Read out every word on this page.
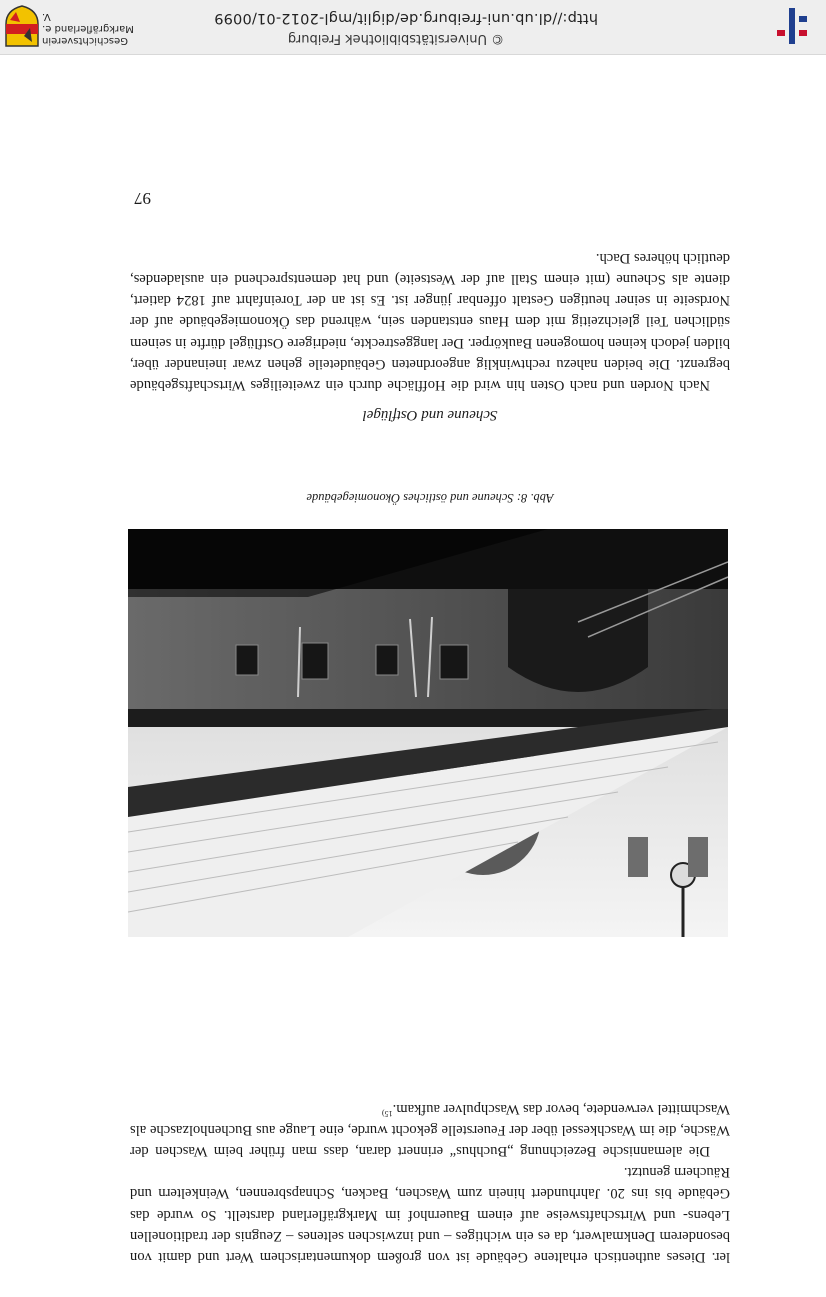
ler. Dieses authentisch erhaltene Gebäude ist von großem dokumentarischem Wert und damit von besonderem Denkmalwert, da es ein wichtiges – und inzwischen seltenes – Zeugnis der traditionellen Lebens- und Wirtschaftsweise auf einem Bauernhof im Markgräflerland darstellt. So wurde das Gebäude bis ins 20. Jahrhundert hinein zum Waschen, Backen, Schnapsbrennen, Weinkeltern und Räuchern genutzt.

Die alemannische Bezeichnung „Buchhus“ erinnert daran, dass man früher beim Waschen der Wäsche, die im Waschkessel über der Feuerstelle gekocht wurde, eine Lauge aus Buchenholzasche als Waschmittel verwendete, bevor das Waschpulver aufkam.$^{15)}$

Abb. 8: Scheune und östliches Ökonomiegebäude
Scheune und Ostflügel

Nach Norden und nach Osten hin wird die Hoffläche durch ein zweiteiliges Wirtschaftsgebäude begrenzt. Die beiden nahezu rechtwinklig angeordneten Gebäudeteile gehen zwar ineinander über, bilden jedoch keinen homogenen Baukörper. Der langgestreckte, niedrigere Ostflügel dürfte in seinem südlichen Teil gleichzeitig mit dem Haus entstanden sein, während das Ökonomiegebäude auf der Nordseite in seiner heutigen Gestalt offenbar jünger ist. Es ist an der Toreinfahrt auf 1824 datiert, diente als Scheune (mit einem Stall auf der Westseite) und hat dementsprechend ein ausladendes, deutlich höheres Dach.

97
© Universitätsbibliothek Freiburg
http://dl.ub.uni-freiburg.de/diglit/mgl-2012-01/0099
Geschichtsverein
Markgräflerland e. V.
